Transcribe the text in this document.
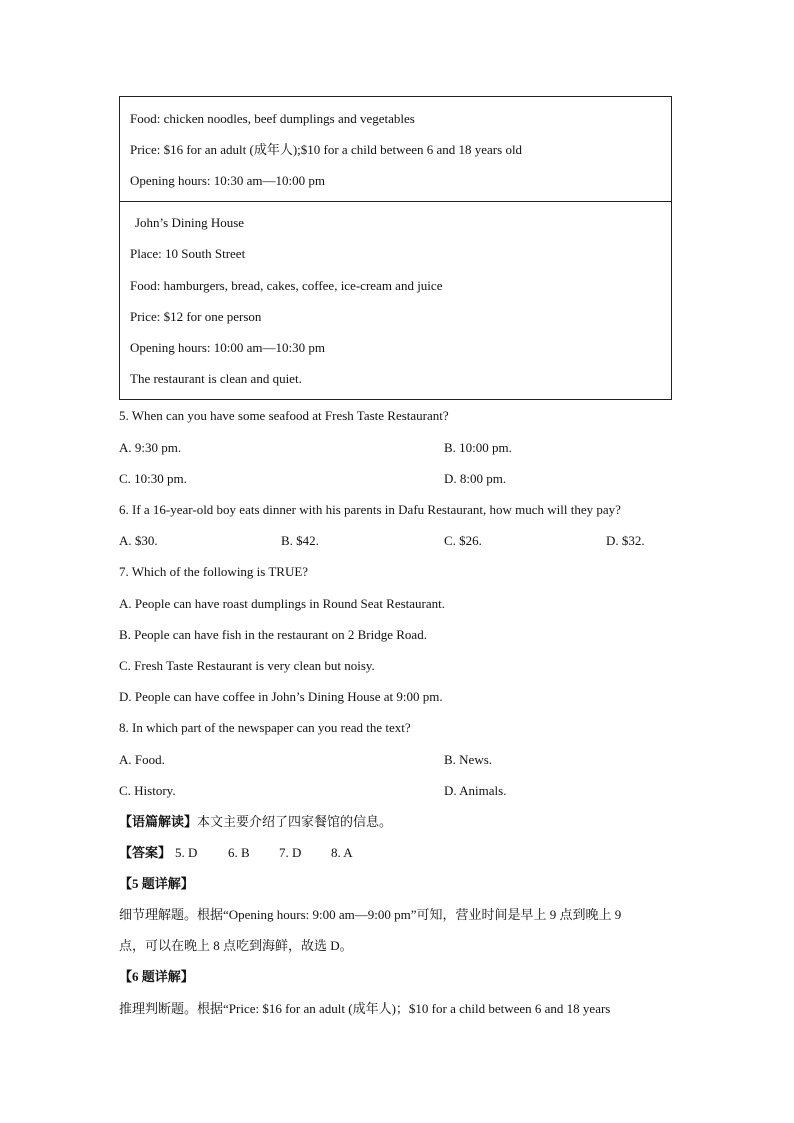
Food: chicken noodles, beef dumplings and vegetables
Price: $16 for an adult (成年人);$10 for a child between 6 and 18 years old
Opening hours: 10:30 am—10:00 pm
John’s Dining House
Place: 10 South Street
Food: hamburgers, bread, cakes, coffee, ice-cream and juice
Price: $12 for one person
Opening hours: 10:00 am—10:30 pm
The restaurant is clean and quiet.
5. When can you have some seafood at Fresh Taste Restaurant?
A. 9:30 pm.	B. 10:00 pm.
C. 10:30 pm.	D. 8:00 pm.
6. If a 16-year-old boy eats dinner with his parents in Dafu Restaurant, how much will they pay?
A. $30.	B. $42.	C. $26.	D. $32.
7. Which of the following is TRUE?
A. People can have roast dumplings in Round Seat Restaurant.
B. People can have fish in the restaurant on 2 Bridge Road.
C. Fresh Taste Restaurant is very clean but noisy.
D. People can have coffee in John’s Dining House at 9:00 pm.
8. In which part of the newspaper can you read the text?
A. Food.	B. News.
C. History.	D. Animals.
【语篇解读】本文主要介绍了四家餐馆的信息。
【答案】 5. D 6. B 7. D 8. A
【5 题详解】
细节理解题。根据“Opening hours: 9:00 am—9:00 pm”可知，营业时间是早上 9 点到晚上 9
点，可以在晚上 8 点吃到海鲜，故选 D。
【6 题详解】
推理判断题。根据“Price: $16 for an adult (成年人)；$10 for a child between 6 and 18 years
